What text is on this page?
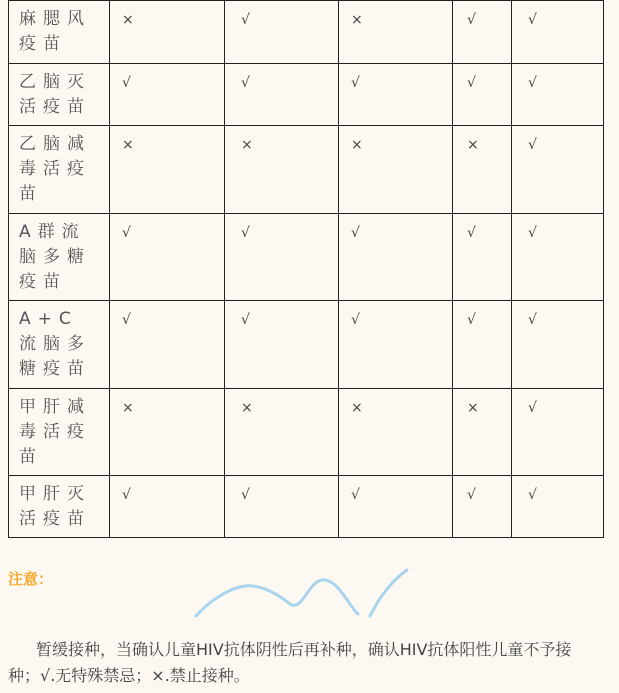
麻腮风疫苗	×	√	×	√	√
乙脑灭活疫苗	√	√	√	√	√
乙脑减毒活疫苗	×	×	×	×	√
A群流脑多糖疫苗	√	√	√	√	√
A+C流脑多糖疫苗	√	√	√	√	√
甲肝减毒活疫苗	×	×	×	×	√
甲肝灭活疫苗	√	√	√	√	√
注意：
暂缓接种，当确认儿童HIV抗体阴性后再补种，确认HIV抗体阳性儿童不予接种；√.无特殊禁忌；×.禁止接种。
